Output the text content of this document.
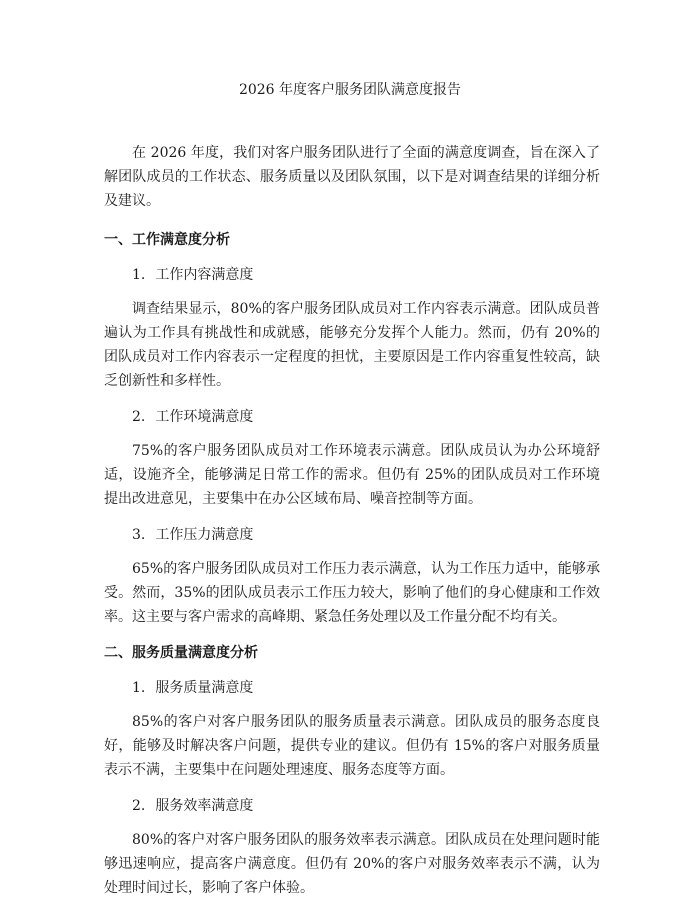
2026 年度客户服务团队满意度报告

在 2026 年度，我们对客户服务团队进行了全面的满意度调查，旨在深入了解团队成员的工作状态、服务质量以及团队氛围，以下是对调查结果的详细分析及建议。

一、工作满意度分析
1. 工作内容满意度

调查结果显示，80%的客户服务团队成员对工作内容表示满意。团队成员普遍认为工作具有挑战性和成就感，能够充分发挥个人能力。然而，仍有 20%的团队成员对工作内容表示一定程度的担忧，主要原因是工作内容重复性较高，缺乏创新性和多样性。

2. 工作环境满意度

75%的客户服务团队成员对工作环境表示满意。团队成员认为办公环境舒适，设施齐全，能够满足日常工作的需求。但仍有 25%的团队成员对工作环境提出改进意见，主要集中在办公区域布局、噪音控制等方面。

3. 工作压力满意度

65%的客户服务团队成员对工作压力表示满意，认为工作压力适中，能够承受。然而，35%的团队成员表示工作压力较大，影响了他们的身心健康和工作效率。这主要与客户需求的高峰期、紧急任务处理以及工作量分配不均有关。

二、服务质量满意度分析
1. 服务质量满意度

85%的客户对客户服务团队的服务质量表示满意。团队成员的服务态度良好，能够及时解决客户问题，提供专业的建议。但仍有 15%的客户对服务质量表示不满，主要集中在问题处理速度、服务态度等方面。

2. 服务效率满意度

80%的客户对客户服务团队的服务效率表示满意。团队成员在处理问题时能够迅速响应，提高客户满意度。但仍有 20%的客户对服务效率表示不满，认为处理时间过长，影响了客户体验。
